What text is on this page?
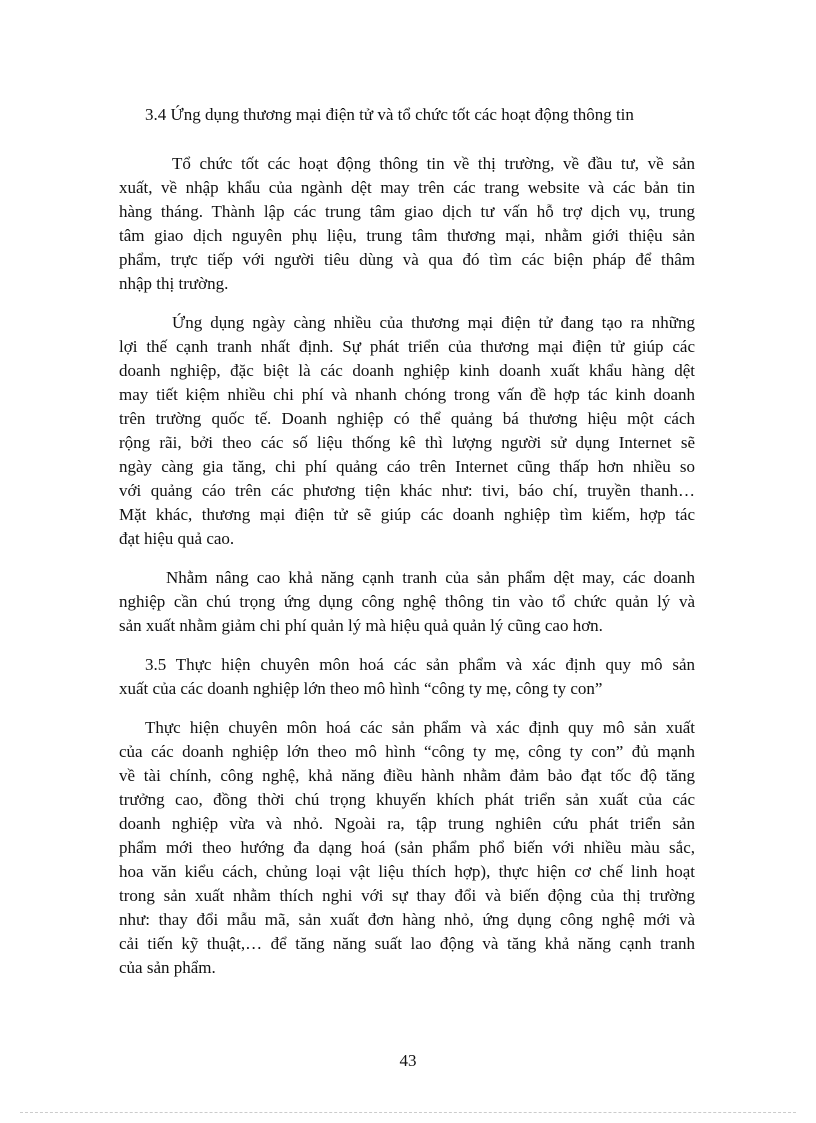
3.4 Ứng dụng thương mại điện tử và tổ chức tốt các hoạt động thông tin

Tổ chức tốt các hoạt động thông tin về thị trường, về đầu tư, về sản

xuất, về nhập khẩu của ngành dệt may trên các trang website và các bản tin

hàng tháng. Thành lập các trung tâm giao dịch tư vấn hỗ trợ dịch vụ, trung

tâm giao dịch nguyên phụ liệu, trung tâm thương mại, nhằm giới thiệu sản

phẩm, trực tiếp với người tiêu dùng và qua đó tìm các biện pháp để thâm

nhập thị trường.

Ứng dụng ngày càng nhiều của thương mại điện tử đang tạo ra những

lợi thế cạnh tranh nhất định. Sự phát triển của thương mại điện tử giúp các

doanh nghiệp, đặc biệt là các doanh nghiệp kinh doanh xuất khẩu hàng dệt

may tiết kiệm nhiều chi phí và nhanh chóng trong vấn đề hợp tác kinh doanh

trên trường quốc tế. Doanh nghiệp có thể quảng bá thương hiệu một cách

rộng rãi, bởi theo các số liệu thống kê thì lượng người sử dụng Internet sẽ

ngày càng gia tăng, chi phí quảng cáo trên Internet cũng thấp hơn nhiều so

với quảng cáo trên các phương tiện khác như: tivi, báo chí, truyền thanh…

Mặt khác, thương mại điện tử sẽ giúp các doanh nghiệp tìm kiếm, hợp tác

đạt hiệu quả cao.

Nhằm nâng cao khả năng cạnh tranh của sản phẩm dệt may, các doanh

nghiệp cần chú trọng ứng dụng công nghệ thông tin vào tổ chức quản lý và

sản xuất nhằm giảm chi phí quản lý mà hiệu quả quản lý cũng cao hơn.

3.5 Thực hiện chuyên môn hoá các sản phẩm và xác định quy mô sản

xuất của các doanh nghiệp lớn theo mô hình “công ty mẹ, công ty con”

Thực hiện chuyên môn hoá các sản phẩm và xác định quy mô sản xuất

của các doanh nghiệp lớn theo mô hình “công ty mẹ, công ty con” đủ mạnh

về tài chính, công nghệ, khả năng điều hành nhằm đảm bảo đạt tốc độ tăng

trưởng cao, đồng thời chú trọng khuyến khích phát triển sản xuất của các

doanh nghiệp vừa và nhỏ. Ngoài ra, tập trung nghiên cứu phát triển sản

phẩm mới theo hướng đa dạng hoá (sản phẩm phổ biến với nhiều màu sắc,

hoa văn kiểu cách, chủng loại vật liệu thích hợp), thực hiện cơ chế linh hoạt

trong sản xuất nhằm thích nghi với sự thay đổi và biến động của thị trường

như: thay đổi mẫu mã, sản xuất đơn hàng nhỏ, ứng dụng công nghệ mới và

cải tiến kỹ thuật,… để tăng năng suất lao động và tăng khả năng cạnh tranh

của sản phẩm.

43
